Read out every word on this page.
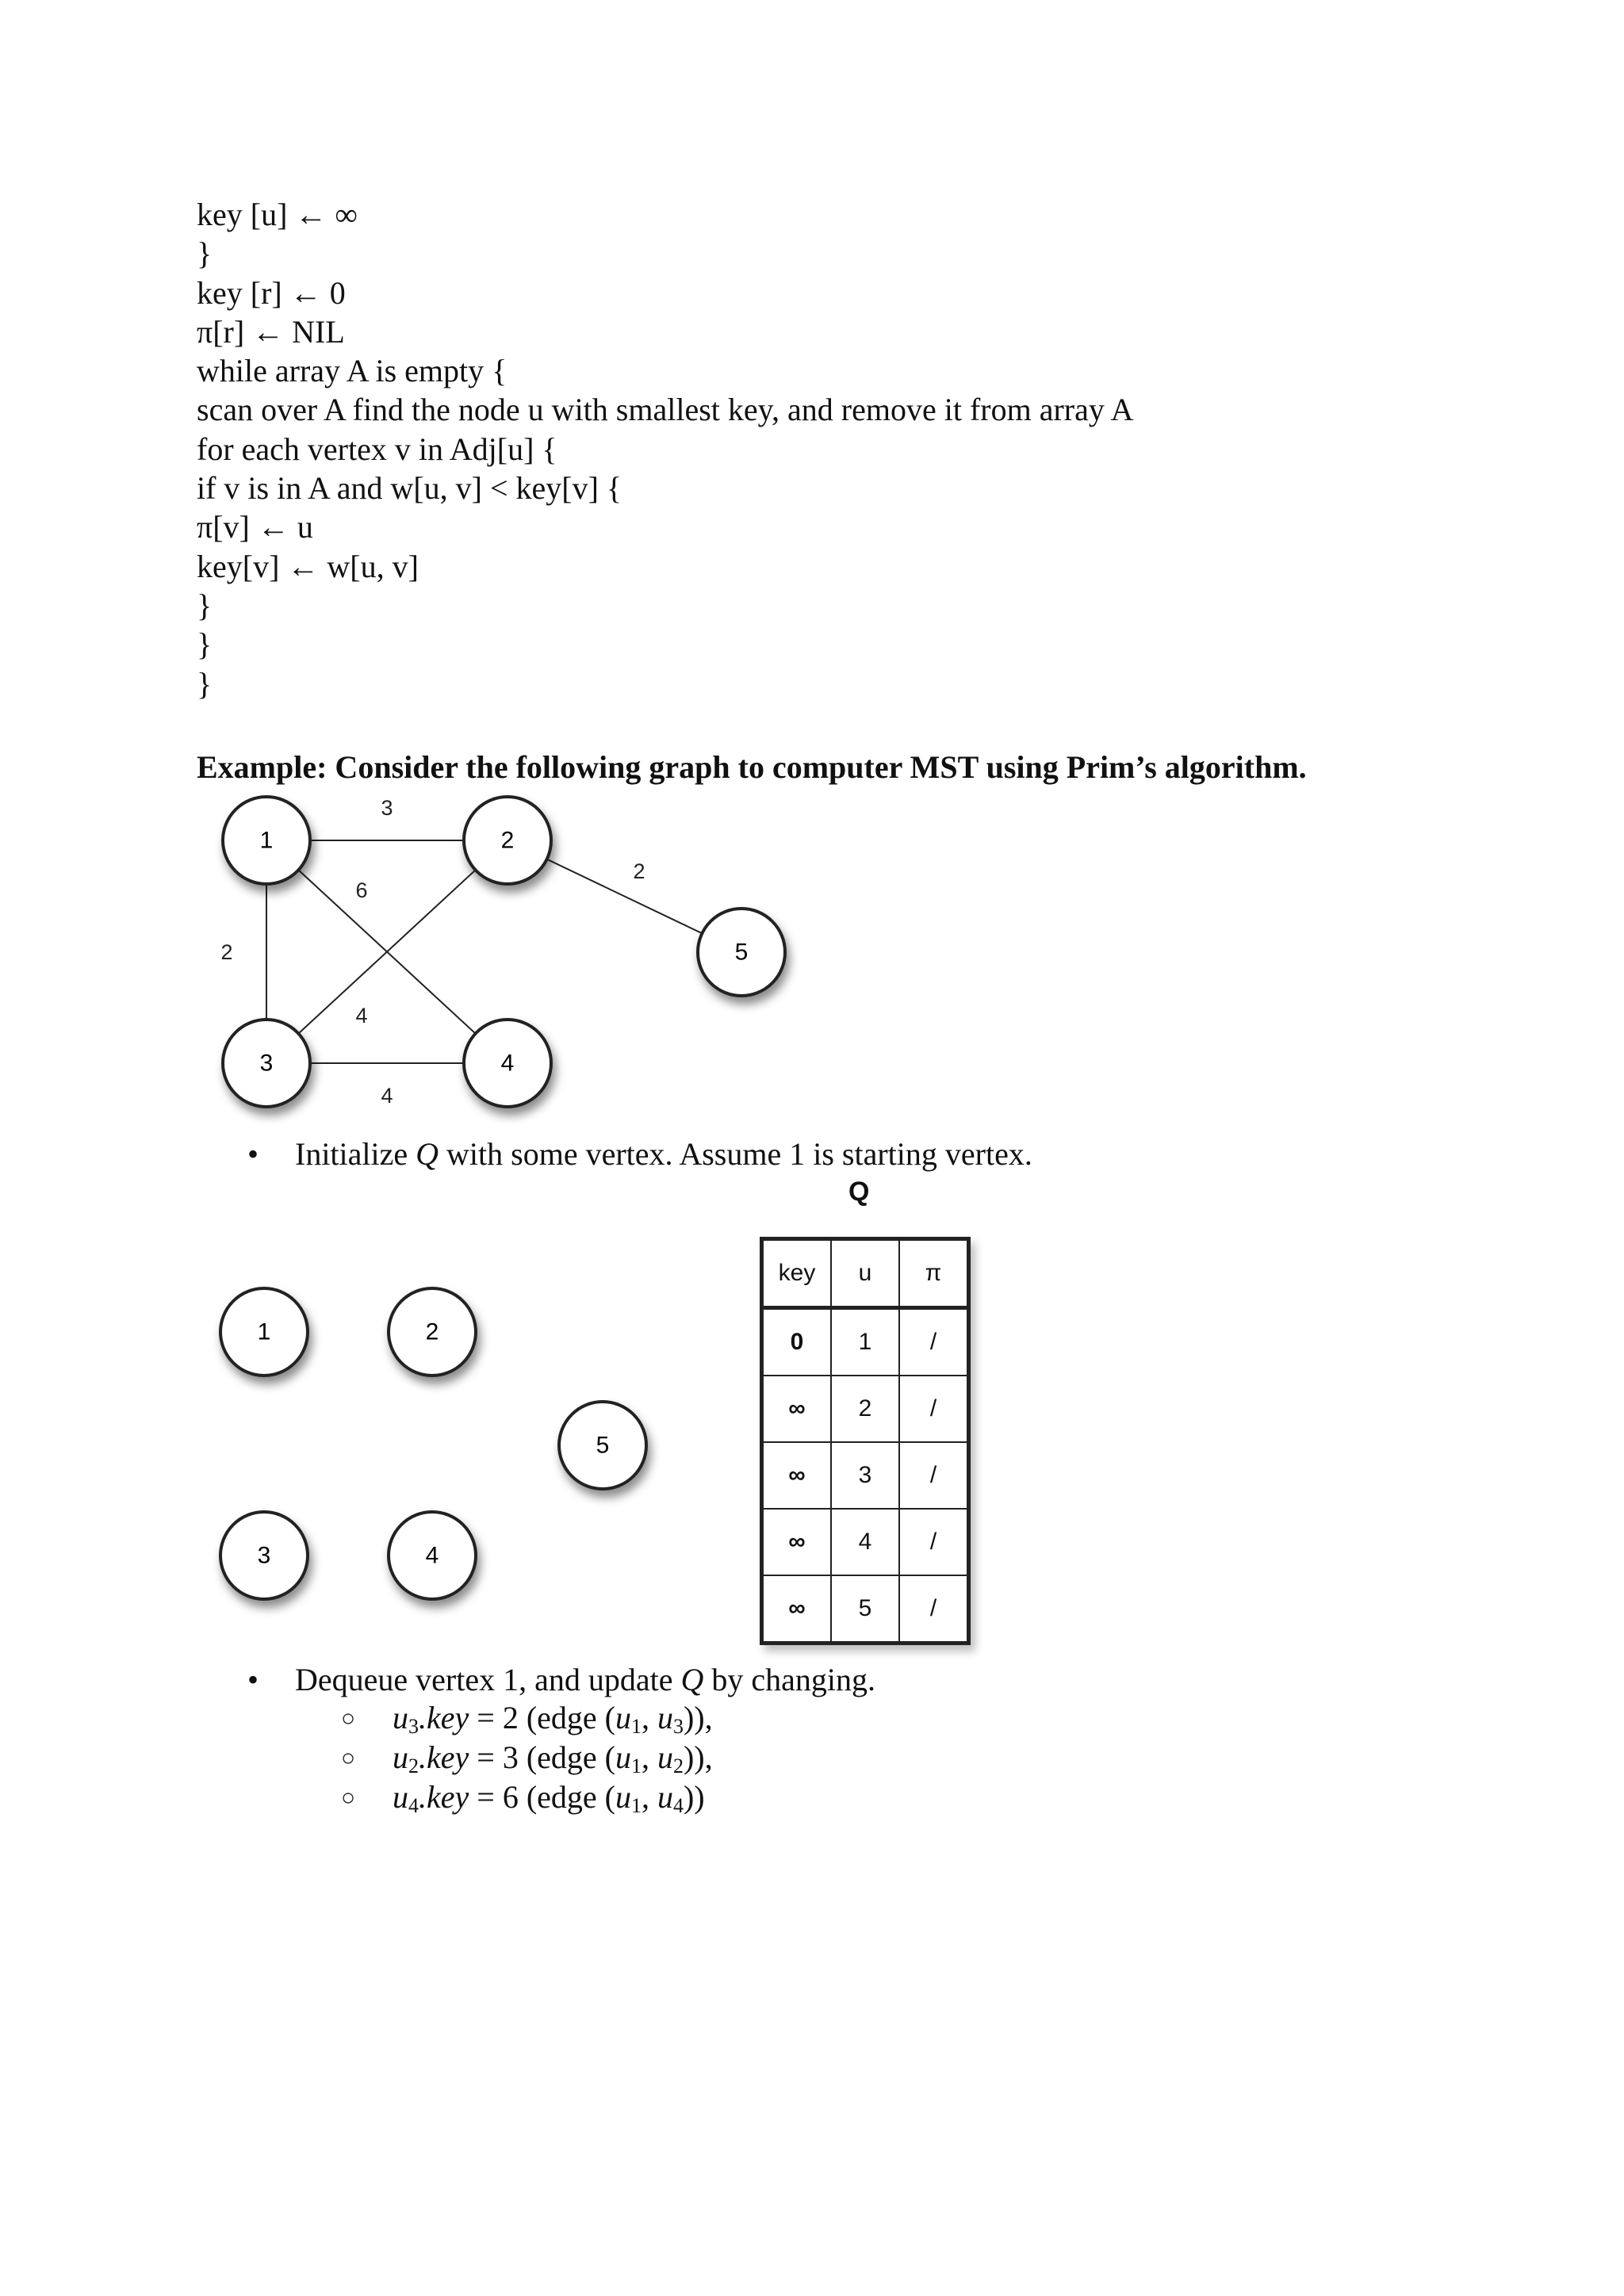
key [u] ← ∞
}
key [r] ← 0
π[r] ← NIL
while array A is empty {
scan over A find the node u with smallest key, and remove it from array A
for each vertex v in Adj[u] {
if v is in A and w[u, v] < key[v] {
π[v] ← u
key[v] ← w[u, v]
}
}
}
Example: Consider the following graph to computer MST using Prim’s algorithm.
3
2
6
4
4
2
1	2
3	4
5
1	2
5
3	4
• Initialize Q with some vertex. Assume 1 is starting vertex.
Q
key	u	π
0	1	/
∞	2	/
∞	3	/
∞	4	/
∞	5	/
• Dequeue vertex 1, and update Q by changing.
○ $u_3.key = 2$ (edge ($u_1$, $u_3$)),
○ $u_2.key = 3$ (edge ($u_1$, $u_2$)),
○ $u_4.key = 6$ (edge ($u_1$, $u_4$))
